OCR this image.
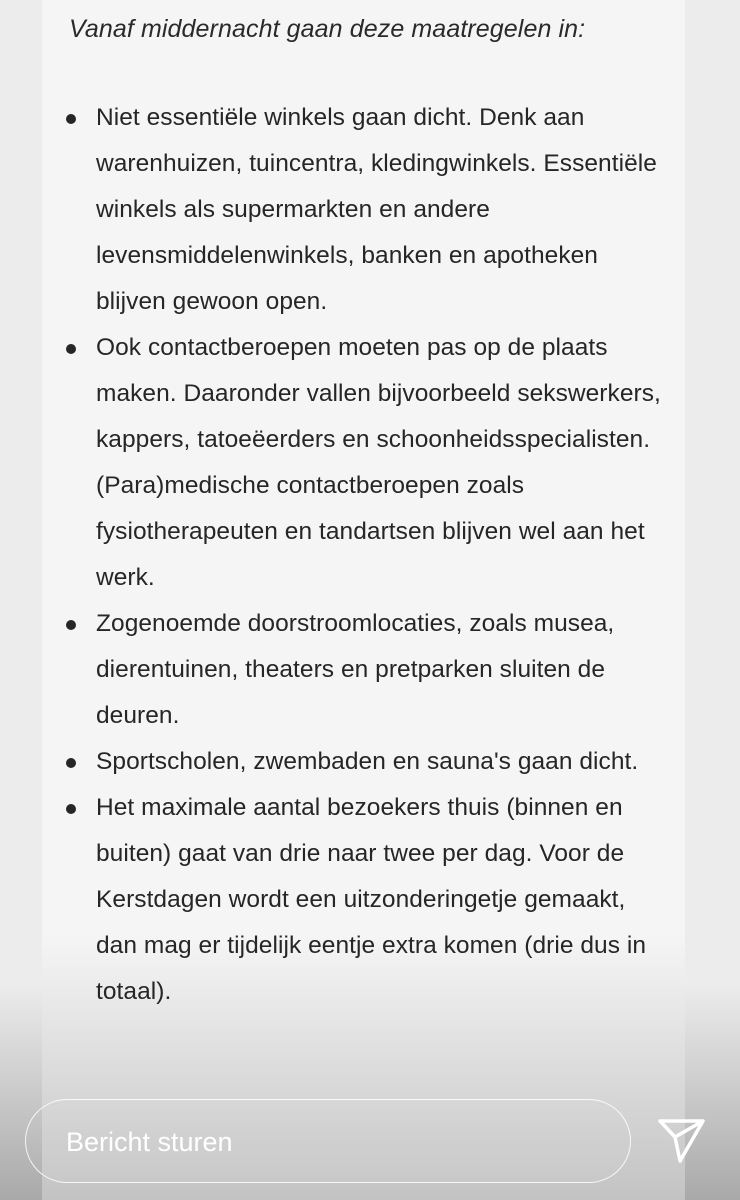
Vanaf middernacht gaan deze maatregelen in:

Niet essentiële winkels gaan dicht. Denk aan warenhuizen, tuincentra, kledingwinkels. Essentiële winkels als supermarkten en andere levensmiddelenwinkels, banken en apotheken blijven gewoon open.
Ook contactberoepen moeten pas op de plaats maken. Daaronder vallen bijvoorbeeld sekswerkers, kappers, tatoeëerders en schoonheidsspecialisten. (Para)medische contactberoepen zoals fysiotherapeuten en tandartsen blijven wel aan het werk.
Zogenoemde doorstroomlocaties, zoals musea, dierentuinen, theaters en pretparken sluiten de deuren.
Sportscholen, zwembaden en sauna's gaan dicht.
Het maximale aantal bezoekers thuis (binnen en buiten) gaat van drie naar twee per dag. Voor de Kerstdagen wordt een uitzonderingetje gemaakt, dan mag er tijdelijk eentje extra komen (drie dus in totaal).
Bericht sturen
